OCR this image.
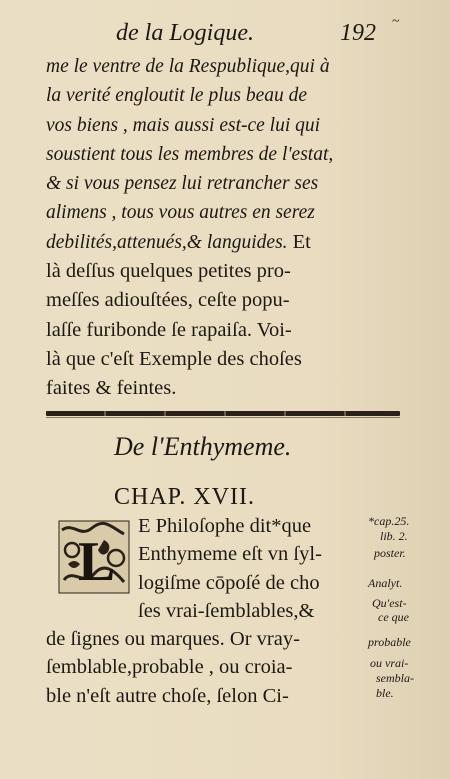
de la Logique.	192 ~
me le ventre de la Respublique,qui à
la verité engloutit le plus beau de
vos biens , mais aussi est-ce lui qui
soustient tous les membres de l'estat,
& si vous pensez lui retrancher ses
alimens , tous vous autres en serez
debilités,attenués,& languides. Et
là deſſus quelques petites pro-
meſſes adiouſtées, ceſte popu-
laſſe furibonde ſe rapaiſa. Voi-
là que c'eſt Exemple des choſes
faites & feintes.
De l'Enthymeme.
CHAP. XVII.
L
E Philoſophe dit*que
Enthymeme eſt vn ſyl-
logiſme cōpoſé de cho
ſes vrai-ſemblables,&
de ſignes ou marques. Or vray-
ſemblable,probable , ou croia-
ble n'eſt autre choſe, ſelon Ci-
*cap.25.
lib. 2.
poster.
Analyt.
Qu'est-
ce que
probable
ou vrai-
sembla-
ble.
